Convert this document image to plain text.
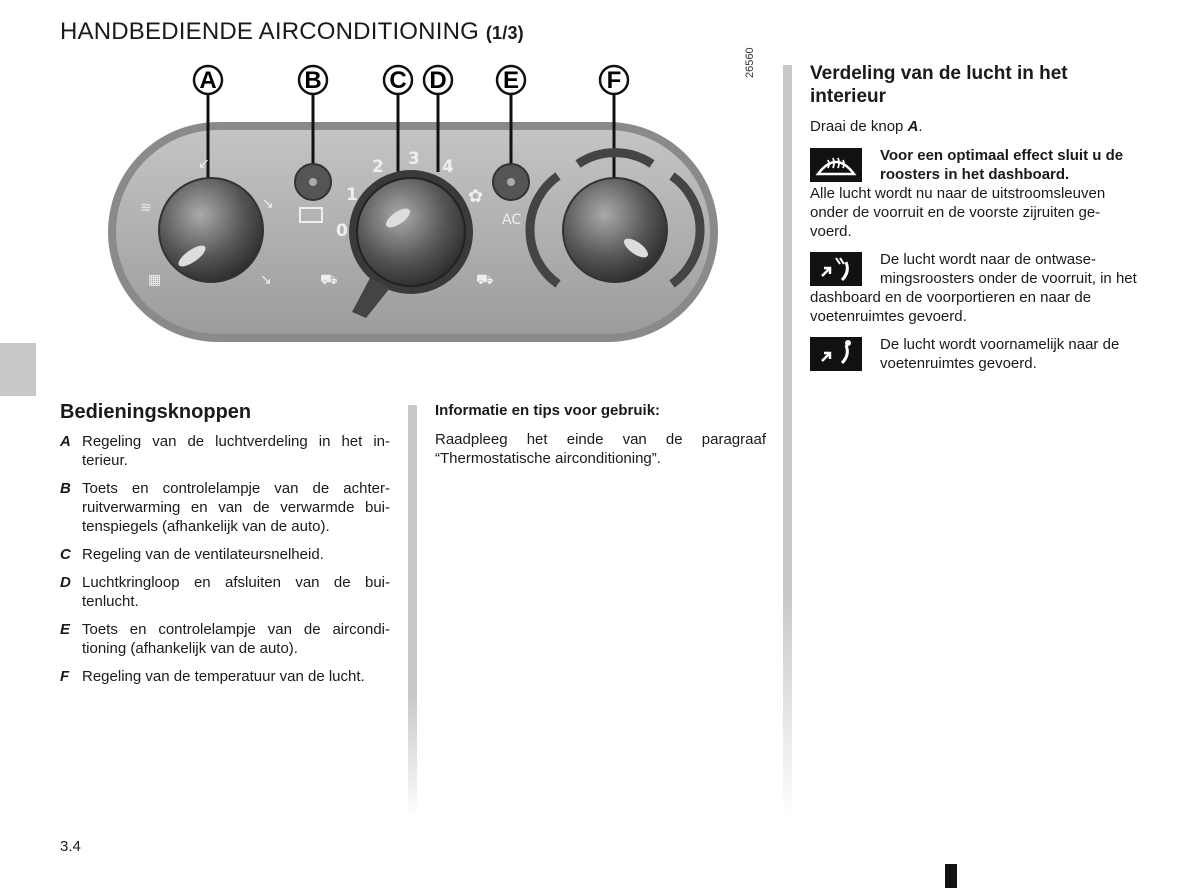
HANDBEDIENDE AIRCONDITIONING (1/3)
↙
≋	↘
↘
▦
0
1
2 3 4
✿
⛟	⛟
AC
A	B	C D E	F
26560
Bedieningsknoppen
A Regeling van de luchtverdeling in het in-terieur.
B Toets en controlelampje van de achter-ruitverwarming en van de verwarmde bui-tenspiegels (afhankelijk van de auto).
C Regeling van de ventilateursnelheid.
D Luchtkringloop en afsluiten van de bui-tenlucht.
E Toets en controlelampje van de aircondi-tioning (afhankelijk van de auto).
F Regeling van de temperatuur van de lucht.
Informatie en tips voor gebruik:
Raadpleeg het einde van de paragraaf “Thermostatische airconditioning”.
Verdeling van de lucht in het interieur
Draai de knop A.
Voor een optimaal effect sluit u de roosters in het dashboard.
Alle lucht wordt nu naar de uitstroomsleuven onder de voorruit en de voorste zijruiten ge-voerd.
De lucht wordt naar de ontwase-mingsroosters onder de voorruit, in het dashboard en de voorportieren en naar de voetenruimtes gevoerd.
De lucht wordt voornamelijk naar de voetenruimtes gevoerd.
3.4
